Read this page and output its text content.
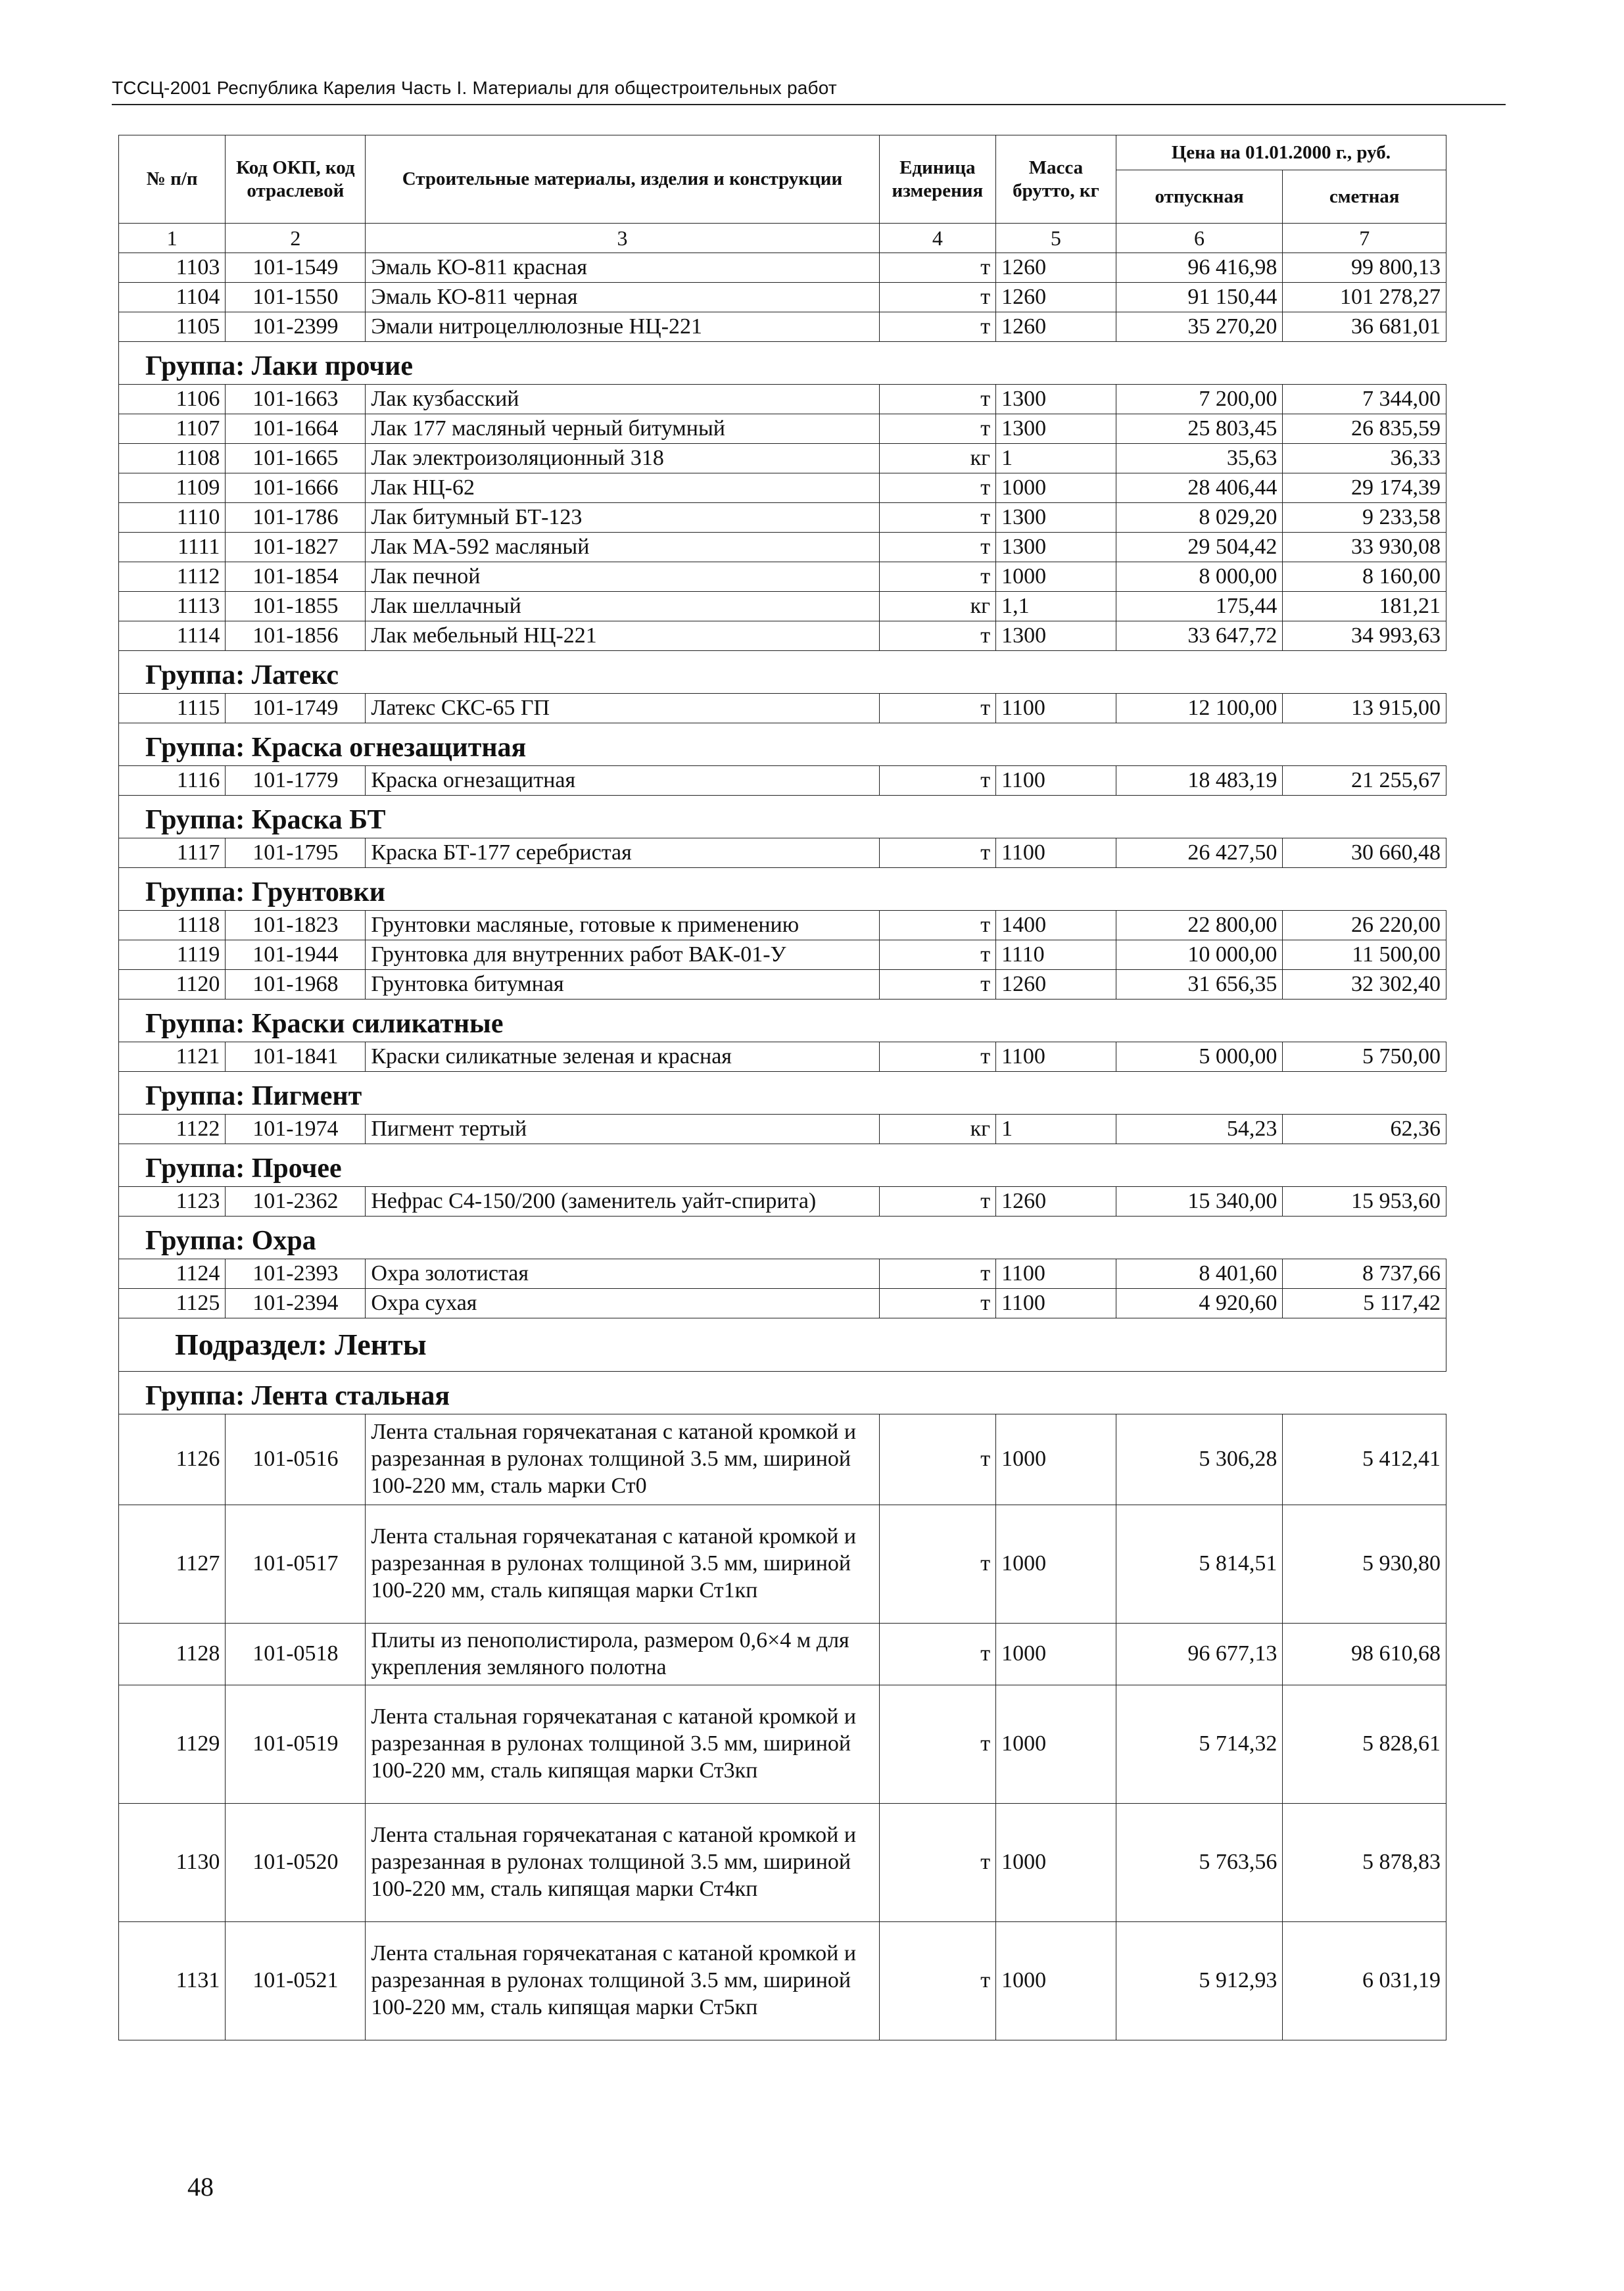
ТССЦ-2001 Республика Карелия Часть I. Материалы для общестроительных работ
№ п/п	Код ОКП, код отраслевой	Строительные материалы, изделия и конструкции	Единица измерения	Масса брутто, кг	Цена на 01.01.2000 г., руб.	
					отпускная	сметная
1	2	3	4	5	6	7
1103	101-1549	Эмаль КО-811 красная	т	1260	96 416,98	99 800,13
1104	101-1550	Эмаль КО-811 черная	т	1260	91 150,44	101 278,27
1105	101-2399	Эмали нитроцеллюлозные НЦ-221	т	1260	35 270,20	36 681,01
Группа: Лаки прочие						
1106	101-1663	Лак кузбасский	т	1300	7 200,00	7 344,00
1107	101-1664	Лак 177 масляный черный битумный	т	1300	25 803,45	26 835,59
1108	101-1665	Лак электроизоляционный 318	кг	1	35,63	36,33
1109	101-1666	Лак НЦ-62	т	1000	28 406,44	29 174,39
1110	101-1786	Лак битумный БТ-123	т	1300	8 029,20	9 233,58
1111	101-1827	Лак МА-592 масляный	т	1300	29 504,42	33 930,08
1112	101-1854	Лак печной	т	1000	8 000,00	8 160,00
1113	101-1855	Лак шеллачный	кг	1,1	175,44	181,21
1114	101-1856	Лак мебельный НЦ-221	т	1300	33 647,72	34 993,63
Группа: Латекс						
1115	101-1749	Латекс СКС-65 ГП	т	1100	12 100,00	13 915,00
Группа: Краска огнезащитная						
1116	101-1779	Краска огнезащитная	т	1100	18 483,19	21 255,67
Группа: Краска БТ						
1117	101-1795	Краска БТ-177 серебристая	т	1100	26 427,50	30 660,48
Группа: Грунтовки						
1118	101-1823	Грунтовки масляные, готовые к применению	т	1400	22 800,00	26 220,00
1119	101-1944	Грунтовка для внутренних работ ВАК-01-У	т	1110	10 000,00	11 500,00
1120	101-1968	Грунтовка битумная	т	1260	31 656,35	32 302,40
Группа: Краски силикатные						
1121	101-1841	Краски силикатные зеленая и красная	т	1100	5 000,00	5 750,00
Группа: Пигмент						
1122	101-1974	Пигмент тертый	кг	1	54,23	62,36
Группа: Прочее						
1123	101-2362	Нефрас С4-150/200 (заменитель уайт-спирита)	т	1260	15 340,00	15 953,60
Группа: Охра						
1124	101-2393	Охра золотистая	т	1100	8 401,60	8 737,66
1125	101-2394	Охра сухая	т	1100	4 920,60	5 117,42
Подраздел: Ленты						
Группа: Лента стальная						
1126	101-0516	Лента стальная горячекатаная с катаной кромкой и разрезанная в рулонах толщиной 3.5 мм, шириной 100-220 мм, сталь марки Ст0	т	1000	5 306,28	5 412,41
1127	101-0517	Лента стальная горячекатаная с катаной кромкой и разрезанная в рулонах толщиной 3.5 мм, шириной 100-220 мм, сталь кипящая марки Ст1кп	т	1000	5 814,51	5 930,80
1128	101-0518	Плиты из пенополистирола, размером 0,6×4 м для укрепления земляного полотна	т	1000	96 677,13	98 610,68
1129	101-0519	Лента стальная горячекатаная с катаной кромкой и разрезанная в рулонах толщиной 3.5 мм, шириной 100-220 мм, сталь кипящая марки Ст3кп	т	1000	5 714,32	5 828,61
1130	101-0520	Лента стальная горячекатаная с катаной кромкой и разрезанная в рулонах толщиной 3.5 мм, шириной 100-220 мм, сталь кипящая марки Ст4кп	т	1000	5 763,56	5 878,83
1131	101-0521	Лента стальная горячекатаная с катаной кромкой и разрезанная в рулонах толщиной 3.5 мм, шириной 100-220 мм, сталь кипящая марки Ст5кп	т	1000	5 912,93	6 031,19
48
